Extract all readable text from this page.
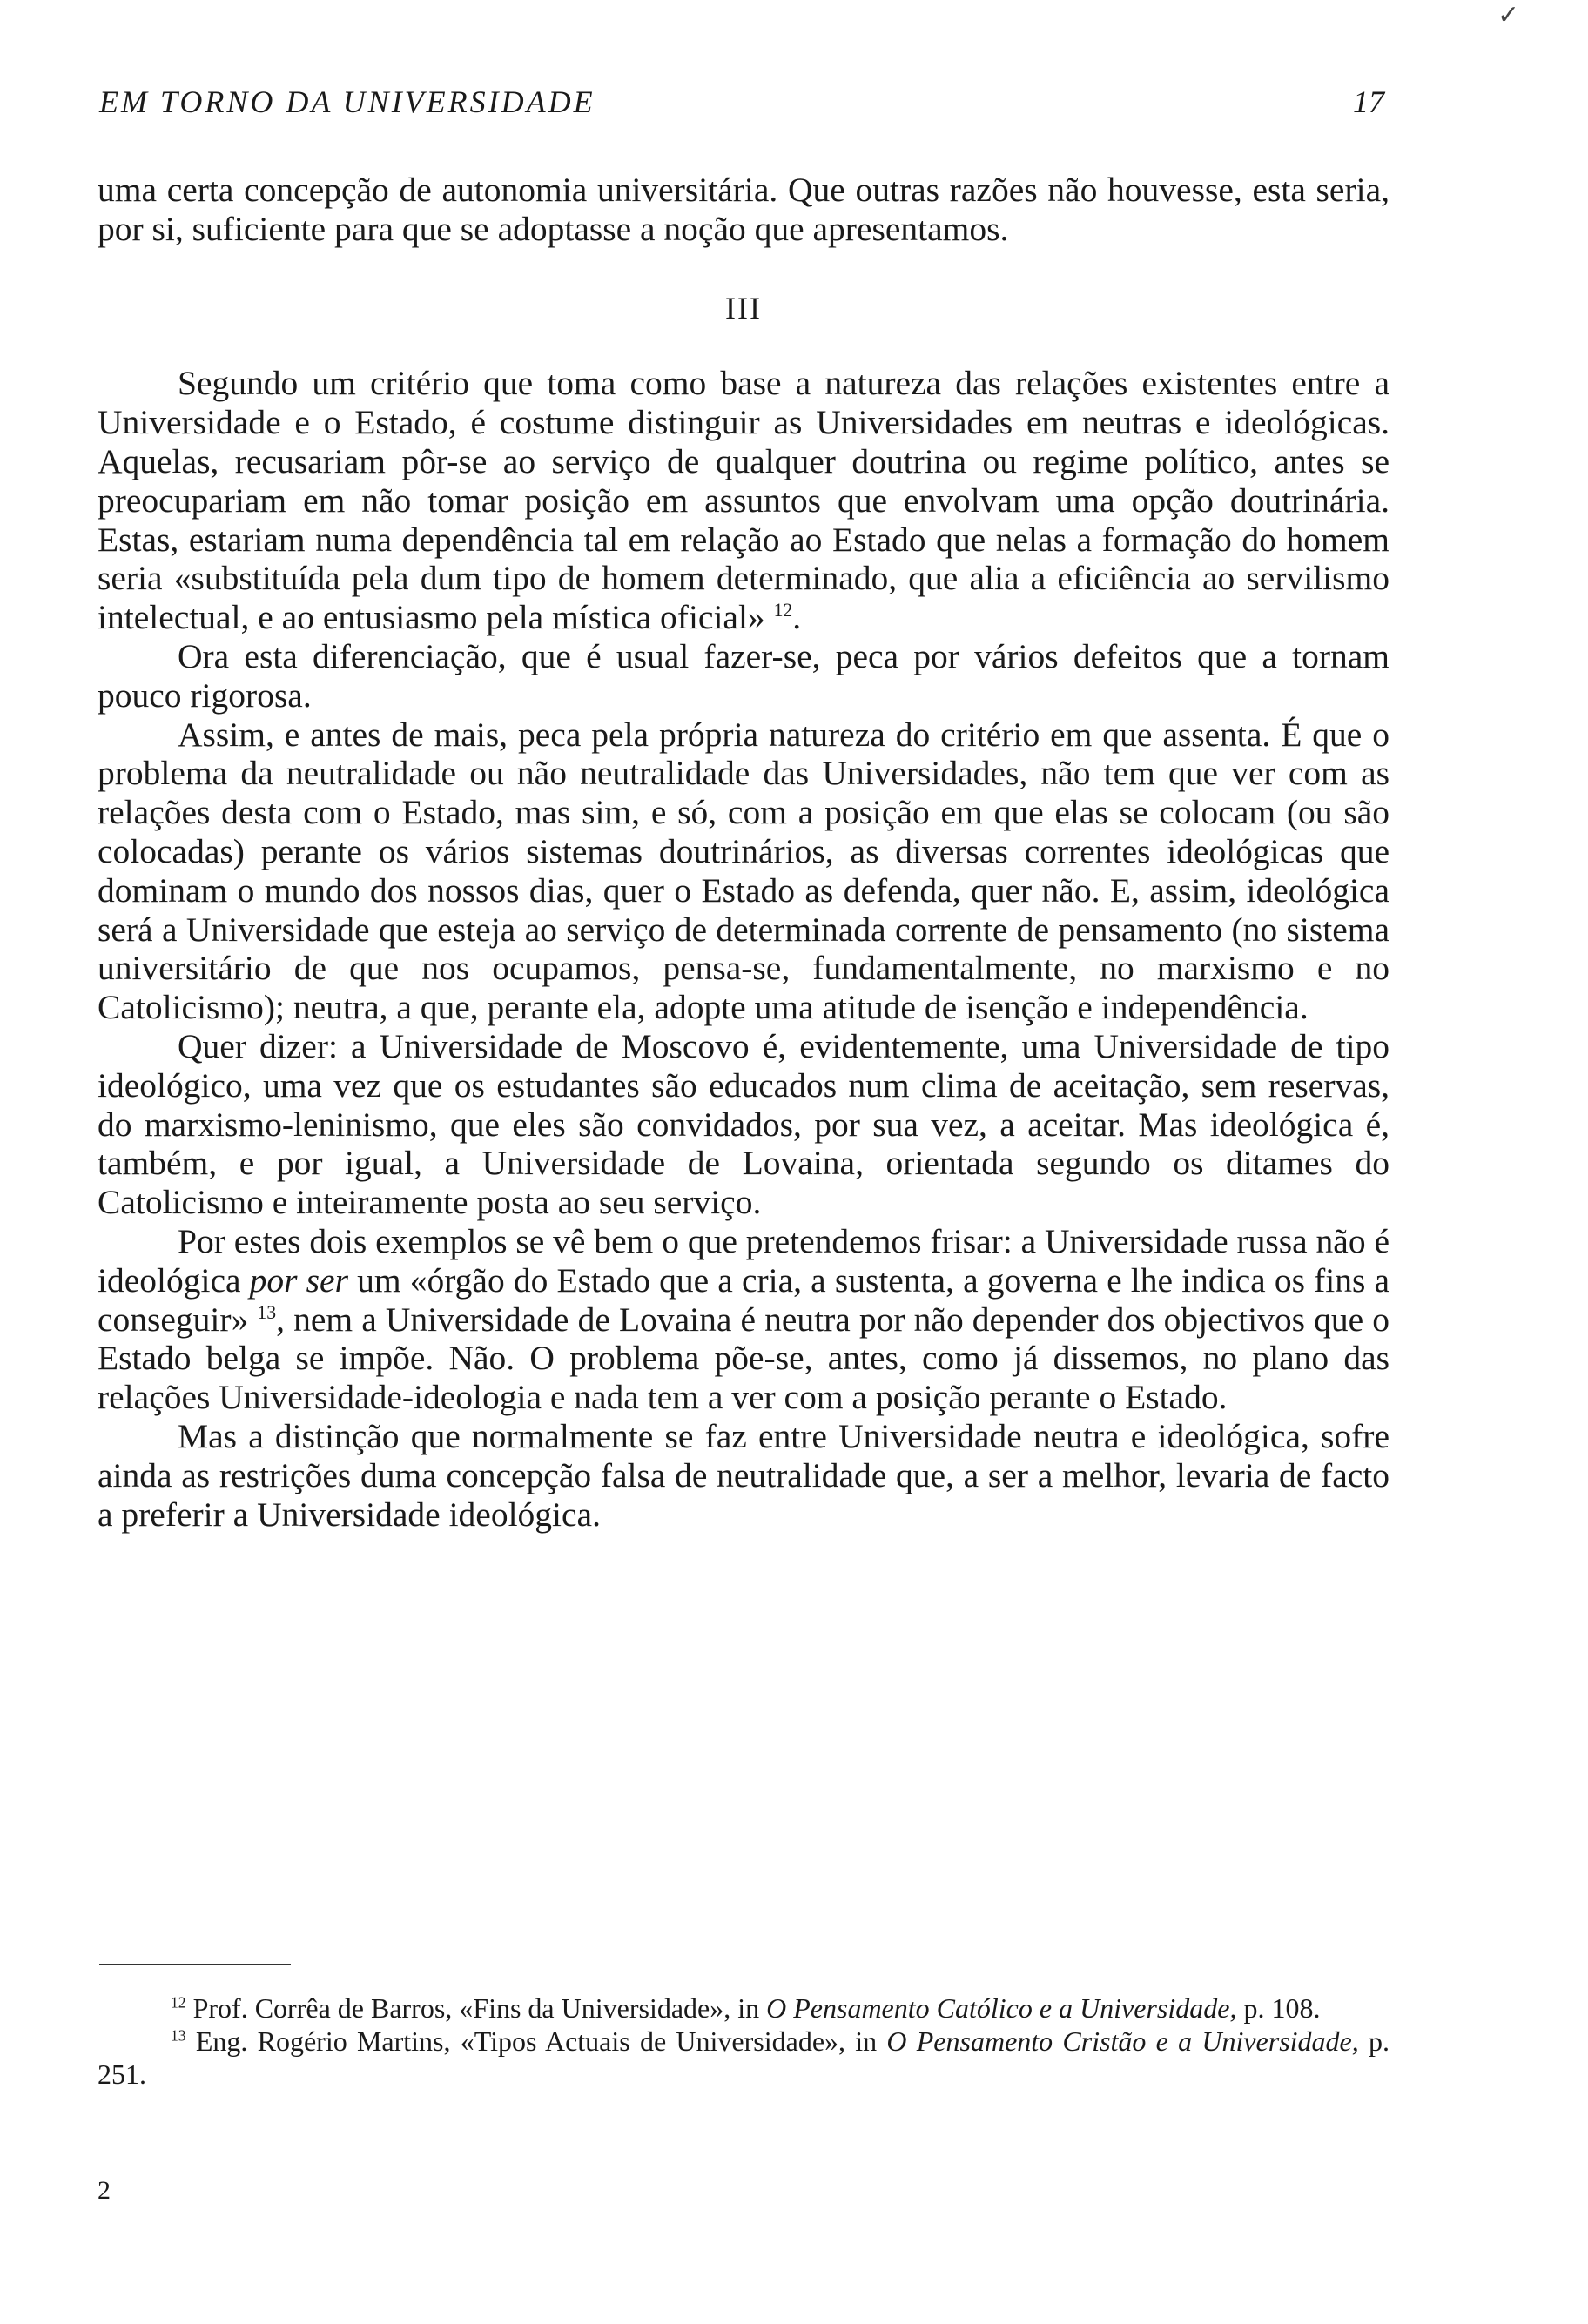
✓
EM TORNO DA UNIVERSIDADE	17

uma certa concepção de autonomia universitária. Que outras razões não houvesse, esta seria, por si, suficiente para que se adoptasse a noção que apresentamos.

III

Segundo um critério que toma como base a natureza das relações existentes entre a Universidade e o Estado, é costume distinguir as Universidades em neutras e ideológicas. Aquelas, recusariam pôr-se ao serviço de qualquer doutrina ou regime político, antes se preocupariam em não tomar posição em assuntos que envolvam uma opção doutrinária. Estas, estariam numa dependência tal em relação ao Estado que nelas a formação do homem seria «substituída pela dum tipo de homem determinado, que alia a eficiência ao servilismo intelectual, e ao entusiasmo pela mística oficial» $^{12}$.

Ora esta diferenciação, que é usual fazer-se, peca por vários defeitos que a tornam pouco rigorosa.

Assim, e antes de mais, peca pela própria natureza do critério em que assenta. É que o problema da neutralidade ou não neutralidade das Universidades, não tem que ver com as relações desta com o Estado, mas sim, e só, com a posição em que elas se colocam (ou são colocadas) perante os vários sistemas doutrinários, as diversas correntes ideológicas que dominam o mundo dos nossos dias, quer o Estado as defenda, quer não. E, assim, ideológica será a Universidade que esteja ao serviço de determinada corrente de pensamento (no sistema universitário de que nos ocupamos, pensa-se, fundamentalmente, no marxismo e no Catolicismo); neutra, a que, perante ela, adopte uma atitude de isenção e independência.

Quer dizer: a Universidade de Moscovo é, evidentemente, uma Universidade de tipo ideológico, uma vez que os estudantes são educados num clima de aceitação, sem reservas, do marxismo-leninismo, que eles são convidados, por sua vez, a aceitar. Mas ideológica é, também, e por igual, a Universidade de Lovaina, orientada segundo os ditames do Catolicismo e inteiramente posta ao seu serviço.

Por estes dois exemplos se vê bem o que pretendemos frisar: a Universidade russa não é ideológica por ser um «órgão do Estado que a cria, a sustenta, a governa e lhe indica os fins a conseguir» $^{13}$, nem a Universidade de Lovaina é neutra por não depender dos objectivos que o Estado belga se impõe. Não. O problema põe-se, antes, como já dissemos, no plano das relações Universidade-ideologia e nada tem a ver com a posição perante o Estado.

Mas a distinção que normalmente se faz entre Universidade neutra e ideológica, sofre ainda as restrições duma concepção falsa de neutralidade que, a ser a melhor, levaria de facto a preferir a Universidade ideológica.

$^{12}$ Prof. Corrêa de Barros, «Fins da Universidade», in O Pensamento Católico e a Universidade, p. 108.

$^{13}$ Eng. Rogério Martins, «Tipos Actuais de Universidade», in O Pensamento Cristão e a Universidade, p. 251.

2
